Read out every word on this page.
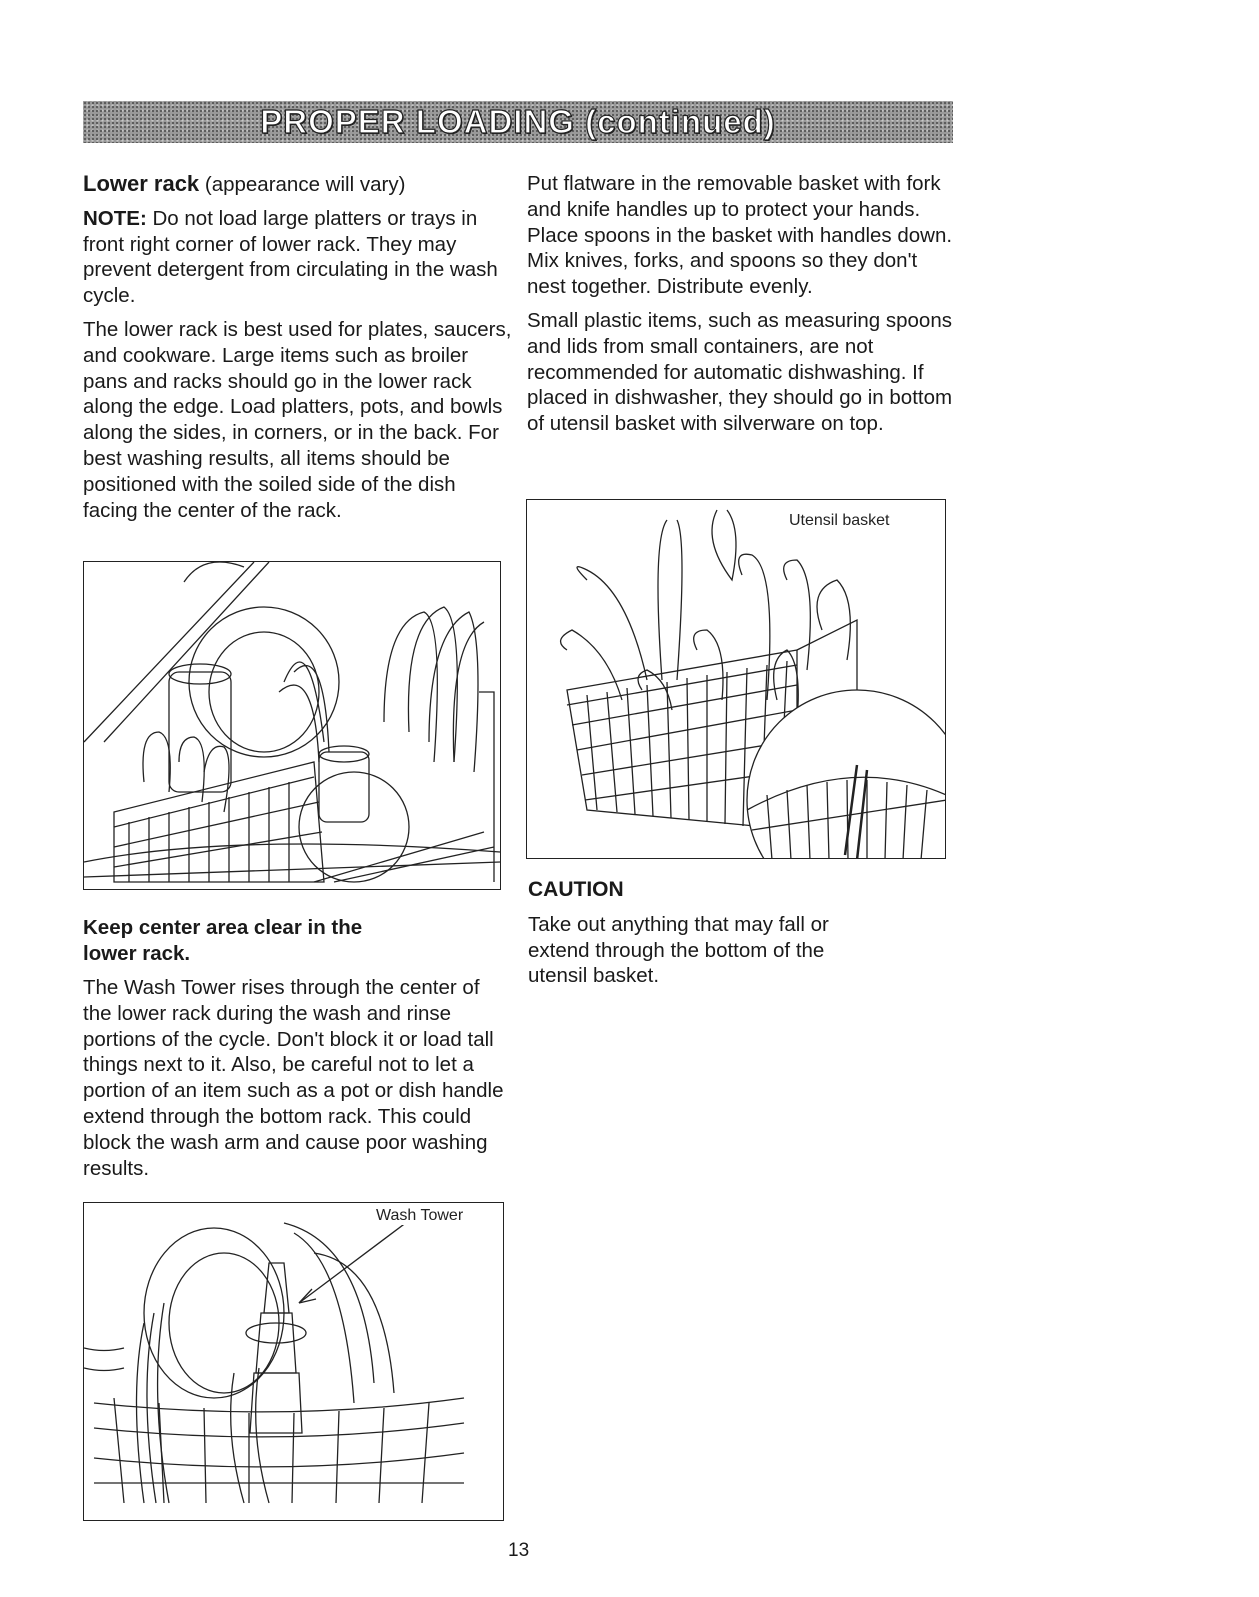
PROPER LOADING (continued)

Lower rack (appearance will vary)

NOTE: Do not load large platters or trays in front right corner of lower rack. They may prevent detergent from circulating in the wash cycle.

The lower rack is best used for plates, saucers, and cookware. Large items such as broiler pans and racks should go in the lower rack along the edge. Load platters, pots, and bowls along the sides, in corners, or in the back. For best washing results, all items should be positioned with the soiled side of the dish facing the center of the rack.

Keep center area clear in the lower rack.

The Wash Tower rises through the center of the lower rack during the wash and rinse portions of the cycle. Don't block it or load tall things next to it. Also, be careful not to let a portion of an item such as a pot or dish handle extend through the bottom rack. This could block the wash arm and cause poor washing results.

Wash Tower

Put flatware in the removable basket with fork and knife handles up to protect your hands. Place spoons in the basket with handles down. Mix knives, forks, and spoons so they don't nest together. Distribute evenly.

Small plastic items, such as measuring spoons and lids from small containers, are not recommended for automatic dishwashing. If placed in dishwasher, they should go in bottom of utensil basket with silverware on top.

Utensil basket
CAUTION
Take out anything that may fall or extend through the bottom of the utensil basket.
13
